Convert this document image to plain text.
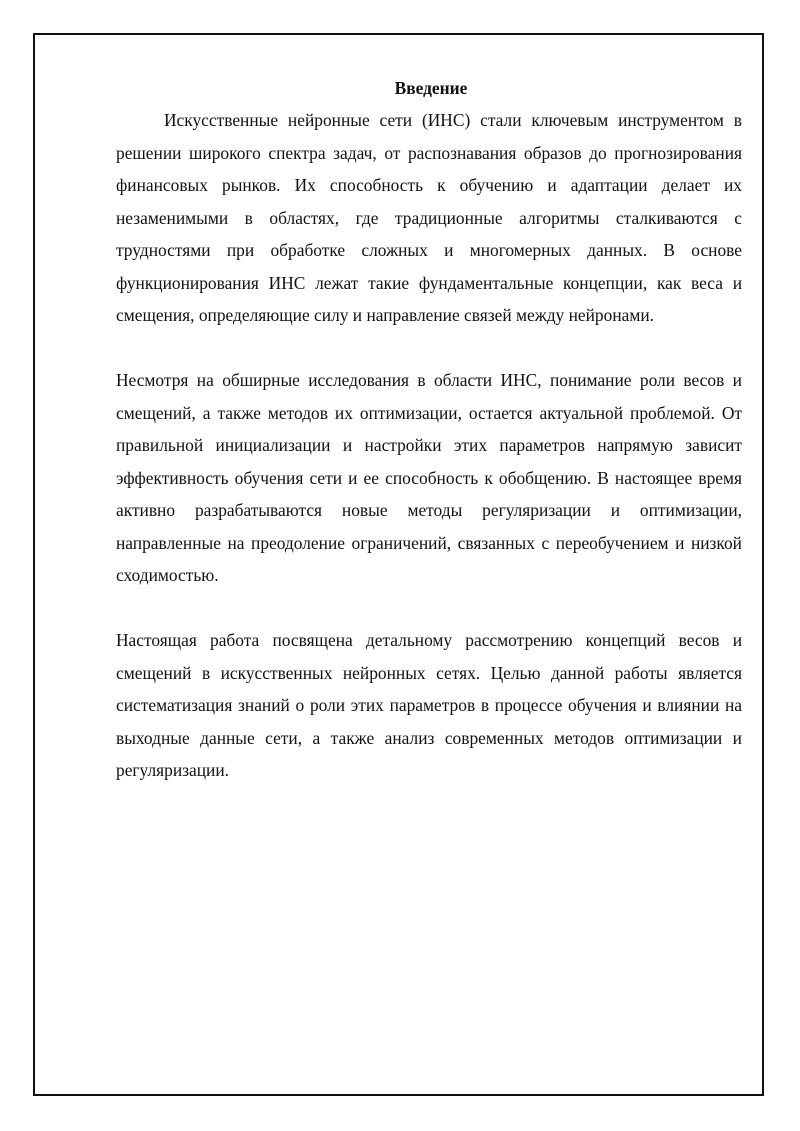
Введение

Искусственные нейронные сети (ИНС) стали ключевым инструментом в решении широкого спектра задач, от распознавания образов до прогнозирования финансовых рынков. Их способность к обучению и адаптации делает их незаменимыми в областях, где традиционные алгоритмы сталкиваются с трудностями при обработке сложных и многомерных данных. В основе функционирования ИНС лежат такие фундаментальные концепции, как веса и смещения, определяющие силу и направление связей между нейронами.

Несмотря на обширные исследования в области ИНС, понимание роли весов и смещений, а также методов их оптимизации, остается актуальной проблемой. От правильной инициализации и настройки этих параметров напрямую зависит эффективность обучения сети и ее способность к обобщению. В настоящее время активно разрабатываются новые методы регуляризации и оптимизации, направленные на преодоление ограничений, связанных с переобучением и низкой сходимостью.

Настоящая работа посвящена детальному рассмотрению концепций весов и смещений в искусственных нейронных сетях. Целью данной работы является систематизация знаний о роли этих параметров в процессе обучения и влиянии на выходные данные сети, а также анализ современных методов оптимизации и регуляризации.
